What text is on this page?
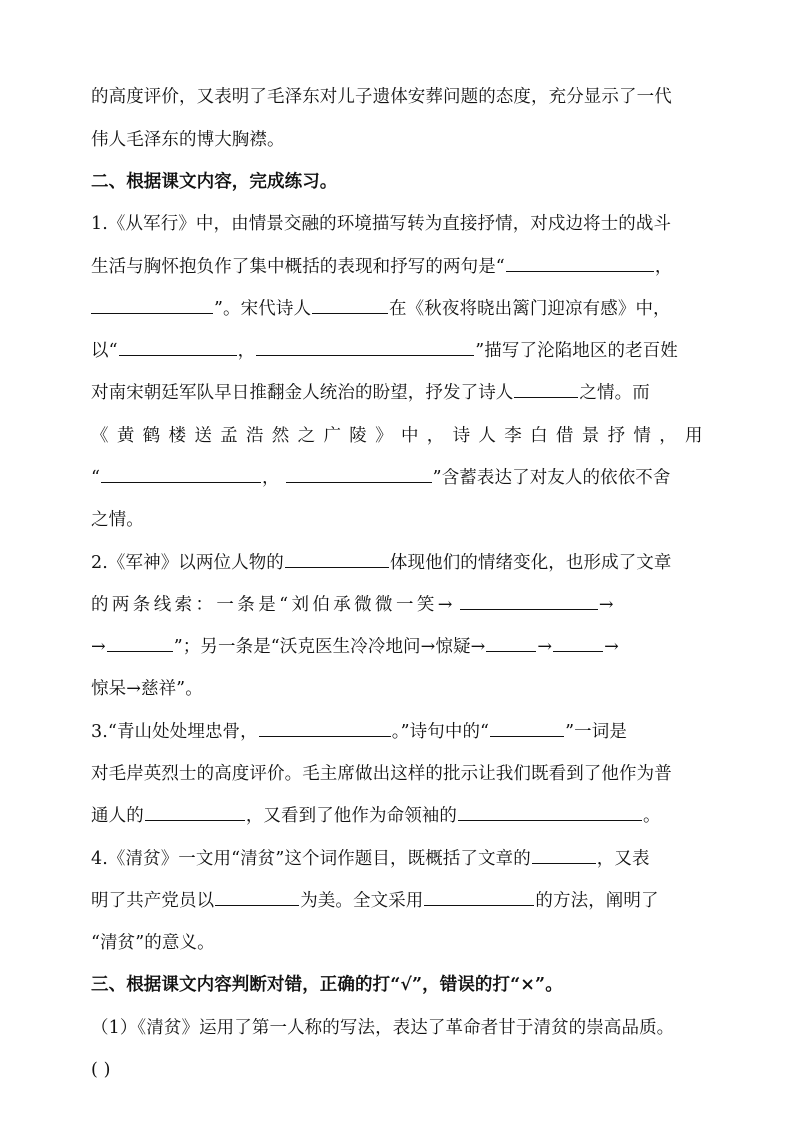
的高度评价，又表明了毛泽东对儿子遗体安葬问题的态度，充分显示了一代
伟人毛泽东的博大胸襟。
二、根据课文内容，完成练习。
1.《从军行》中，由情景交融的环境描写转为直接抒情，对戍边将士的战斗
生活与胸怀抱负作了集中概括的表现和抒写的两句是“	，
”。宋代诗人	在《秋夜将晓出篱门迎凉有感》中，
以“	，	”描写了沦陷地区的老百姓
对南宋朝廷军队早日推翻金人统治的盼望，抒发了诗人	之情。而
《 黄 鹤 楼 送 孟 浩 然 之 广 陵 》 中 ， 诗 人 李 白 借 景 抒 情 ， 用
“	，	”含蓄表达了对友人的依依不舍
之情。
2.《军神》以两位人物的	体现他们的情绪变化，也形成了文章
的两条线索：一条是“刘伯承微微一笑→	→
→	”；另一条是“沃克医生冷冷地问→惊疑→	→	→
惊呆→慈祥”。
3.“青山处处埋忠骨，	。”诗句中的“	”一词是
对毛岸英烈士的高度评价。毛主席做出这样的批示让我们既看到了他作为普
通人的	，又看到了他作为命领袖的	。
4.《清贫》一文用“清贫”这个词作题目，既概括了文章的	，又表
明了共产党员以	为美。全文采用	的方法，阐明了
“清贫”的意义。
三、根据课文内容判断对错，正确的打“√”，错误的打“×”。
（1）《清贫》运用了第一人称的写法，表达了革命者甘于清贫的崇高品质。
( )
